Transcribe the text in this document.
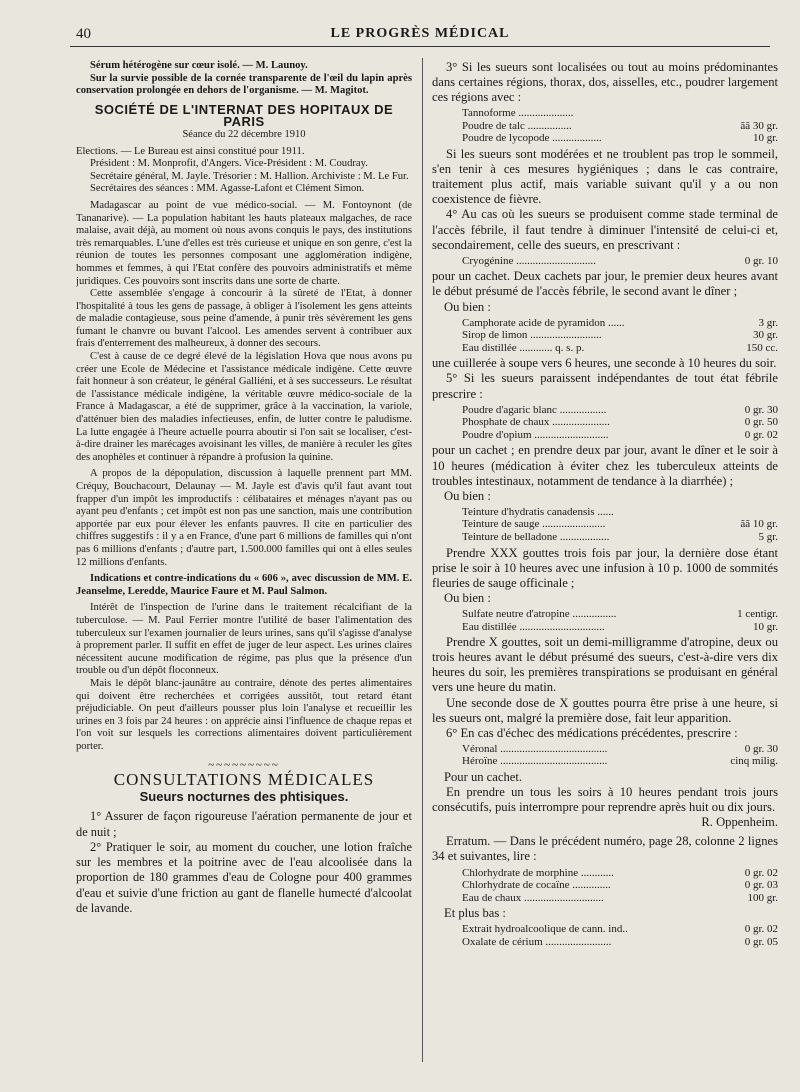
40	LE PROGRÈS MÉDICAL

Sérum hétérogène sur cœur isolé. — M. Launoy.

Sur la survie possible de la cornée transparente de l'œil du lapin après conservation prolongée en dehors de l'organisme. — M. Magitot.

SOCIÉTÉ DE L'INTERNAT DES HOPITAUX DE PARIS
Séance du 22 décembre 1910

Elections. — Le Bureau est ainsi constitué pour 1911.

Président : M. Monprofit, d'Angers. Vice-Président : M. Coudray.

Secrétaire général, M. Jayle. Trésorier : M. Hallion. Archiviste : M. Le Fur.

Secrétaires des séances : MM. Agasse-Lafont et Clément Simon.

Madagascar au point de vue médico-social. — M. Fontoynont (de Tananarive). — La population habitant les hauts plateaux malgaches, de race malaise, avait déjà, au moment où nous avons conquis le pays, des institutions très remarquables. L'une d'elles est très curieuse et unique en son genre, c'est la réunion de toutes les personnes composant une agglomération indigène, hommes et femmes, à qui l'Etat confère des pouvoirs administratifs et même juridiques. Ces pouvoirs sont inscrits dans une sorte de charte.

Cette assemblée s'engage à concourir à la sûreté de l'Etat, à donner l'hospitalité à tous les gens de passage, à obliger à l'isolement les gens atteints de maladie contagieuse, sous peine d'amende, à punir très sévèrement les gens fumant le chanvre ou buvant l'alcool. Les amendes servent à contribuer aux frais d'enterrement des malheureux, à donner des secours.

C'est à cause de ce degré élevé de la législation Hova que nous avons pu créer une Ecole de Médecine et l'assistance médicale indigène. Cette œuvre fait honneur à son créateur, le général Galliéni, et à ses successeurs. Le résultat de l'assistance médicale indigène, la véritable œuvre médico-sociale de la France à Madagascar, a été de supprimer, grâce à la vaccination, la variole, d'atténuer bien des maladies infectieuses, enfin, de lutter contre le paludisme. La lutte engagée à l'heure actuelle pourra aboutir si l'on sait se localiser, c'est-à-dire drainer les marécages avoisinant les villes, de manière à reculer les gîtes des anophèles et continuer à répandre à profusion la quinine.

A propos de la dépopulation, discussion à laquelle prennent part MM. Créquy, Bouchacourt, Delaunay — M. Jayle est d'avis qu'il faut avant tout frapper d'un impôt les improductifs : célibataires et ménages n'ayant pas ou ayant peu d'enfants ; cet impôt est non pas une sanction, mais une contribution apportée par eux pour élever les enfants pauvres. Il cite en particulier des chiffres suggestifs : il y a en France, d'une part 6 millions de familles qui n'ont pas 6 millions d'enfants ; d'autre part, 1.500.000 familles qui ont à elles seules 12 millions d'enfants.

Indications et contre-indications du « 606 », avec discussion de MM. E. Jeanselme, Leredde, Maurice Faure et M. Paul Salmon.

Intérêt de l'inspection de l'urine dans le traitement récalcifiant de la tuberculose. — M. Paul Ferrier montre l'utilité de baser l'alimentation des tuberculeux sur l'examen journalier de leurs urines, sans qu'il s'agisse d'analyse à proprement parler. Il suffit en effet de juger de leur aspect. Les urines claires nécessitent aucune modification de régime, pas plus que la présence d'un trouble ou d'un dépôt floconneux.

Mais le dépôt blanc-jaunâtre au contraire, dénote des pertes alimentaires qui doivent être recherchées et corrigées aussitôt, tout retard étant préjudiciable. On peut d'ailleurs pousser plus loin l'analyse et recueillir les urines en 3 fois par 24 heures : on apprécie ainsi l'influence de chaque repas et l'on voit sur lesquels les corrections alimentaires doivent particulièrement porter.

~~~~~~~~~
CONSULTATIONS MÉDICALES
Sueurs nocturnes des phtisiques.

1° Assurer de façon rigoureuse l'aération permanente de jour et de nuit ;

2° Pratiquer le soir, au moment du coucher, une lotion fraîche sur les membres et la poitrine avec de l'eau alcoolisée dans la proportion de 180 grammes d'eau de Cologne pour 400 grammes d'eau et suivie d'une friction au gant de flanelle humecté d'alcoolat de lavande.

3° Si les sueurs sont localisées ou tout au moins prédominantes dans certaines régions, thorax, dos, aisselles, etc., poudrer largement ces régions avec :

Tannoforme ....................
Poudre de talc ................	ãã 30 gr.
Poudre de lycopode ..................	10 gr.

Si les sueurs sont modérées et ne troublent pas trop le sommeil, s'en tenir à ces mesures hygiéniques ; dans le cas contraire, traitement plus actif, mais variable suivant qu'il y a ou non coexistence de fièvre.

4° Au cas où les sueurs se produisent comme stade terminal de l'accès fébrile, il faut tendre à diminuer l'intensité de celui-ci et, secondairement, celle des sueurs, en prescrivant :

Cryogénine .............................	0 gr. 10

pour un cachet. Deux cachets par jour, le premier deux heures avant le début présumé de l'accès fébrile, le second avant le dîner ;

Ou bien :

Camphorate acide de pyramidon ......	3 gr.
Sirop de limon ..........................	30 gr.
Eau distillée ............ q. s. p.	150 cc.

une cuillerée à soupe vers 6 heures, une seconde à 10 heures du soir.

5° Si les sueurs paraissent indépendantes de tout état fébrile prescrire :

Poudre d'agaric blanc .................	0 gr. 30
Phosphate de chaux .....................	0 gr. 50
Poudre d'opium ...........................	0 gr. 02

pour un cachet ; en prendre deux par jour, avant le dîner et le soir à 10 heures (médication à éviter chez les tuberculeux atteints de troubles intestinaux, notamment de tendance à la diarrhée) ;

Ou bien :

Teinture d'hydratis canadensis ......
Teinture de sauge .......................	ãã 10 gr.
Teinture de belladone ..................	5 gr.

Prendre XXX gouttes trois fois par jour, la dernière dose étant prise le soir à 10 heures avec une infusion à 10 p. 1000 de sommités fleuries de sauge officinale ;

Ou bien :

Sulfate neutre d'atropine ................	1 centigr.
Eau distillée ...............................	10 gr.

Prendre X gouttes, soit un demi-milligramme d'atropine, deux ou trois heures avant le début présumé des sueurs, c'est-à-dire vers dix heures du soir, les premières transpirations se produisant en général vers une heure du matin.

Une seconde dose de X gouttes pourra être prise à une heure, si les sueurs ont, malgré la première dose, fait leur apparition.

6° En cas d'échec des médications précédentes, prescrire :

Véronal .......................................	0 gr. 30
Héroïne .......................................	cinq milig.

Pour un cachet.

En prendre un tous les soirs à 10 heures pendant trois jours consécutifs, puis interrompre pour reprendre après huit ou dix jours.

R. Oppenheim.

Erratum. — Dans le précédent numéro, page 28, colonne 2 lignes 34 et suivantes, lire :

Chlorhydrate de morphine ............	0 gr. 02
Chlorhydrate de cocaïne ..............	0 gr. 03
Eau de chaux .............................	100 gr.

Et plus bas :

Extrait hydroalcoolique de cann. ind..	0 gr. 02
Oxalate de cérium ........................	0 gr. 05
